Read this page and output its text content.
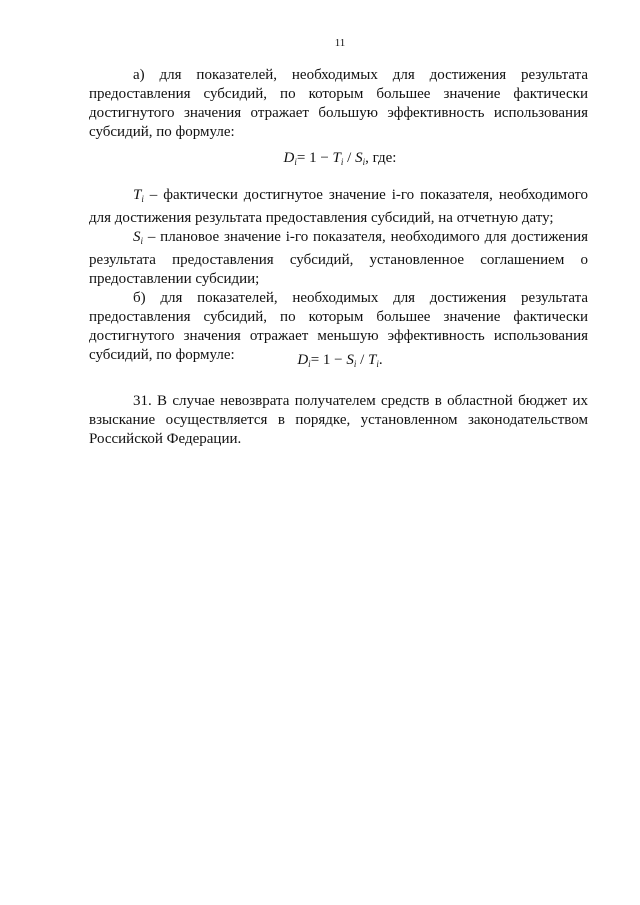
11

а) для показателей, необходимых для достижения результата предоставления субсидий, по которым большее значение фактически достигнутого значения отражает большую эффективность использования субсидий, по формуле:

$D_i= 1 - T_i / S_i$, где:

$T_i$ – фактически достигнутое значение i-го показателя, необходимого для достижения результата предоставления субсидий, на отчетную дату;

$S_i$ – плановое значение i-го показателя, необходимого для достижения результата предоставления субсидий, установленное соглашением о предоставлении субсидии;

б) для показателей, необходимых для достижения результата предоставления субсидий, по которым большее значение фактически достигнутого значения отражает меньшую эффективность использования субсидий, по формуле:	$D_i= 1 - S_i / T_i$.

31. В случае невозврата получателем средств в областной бюджет их взыскание осуществляется в порядке, установленном законодательством Российской Федерации.
